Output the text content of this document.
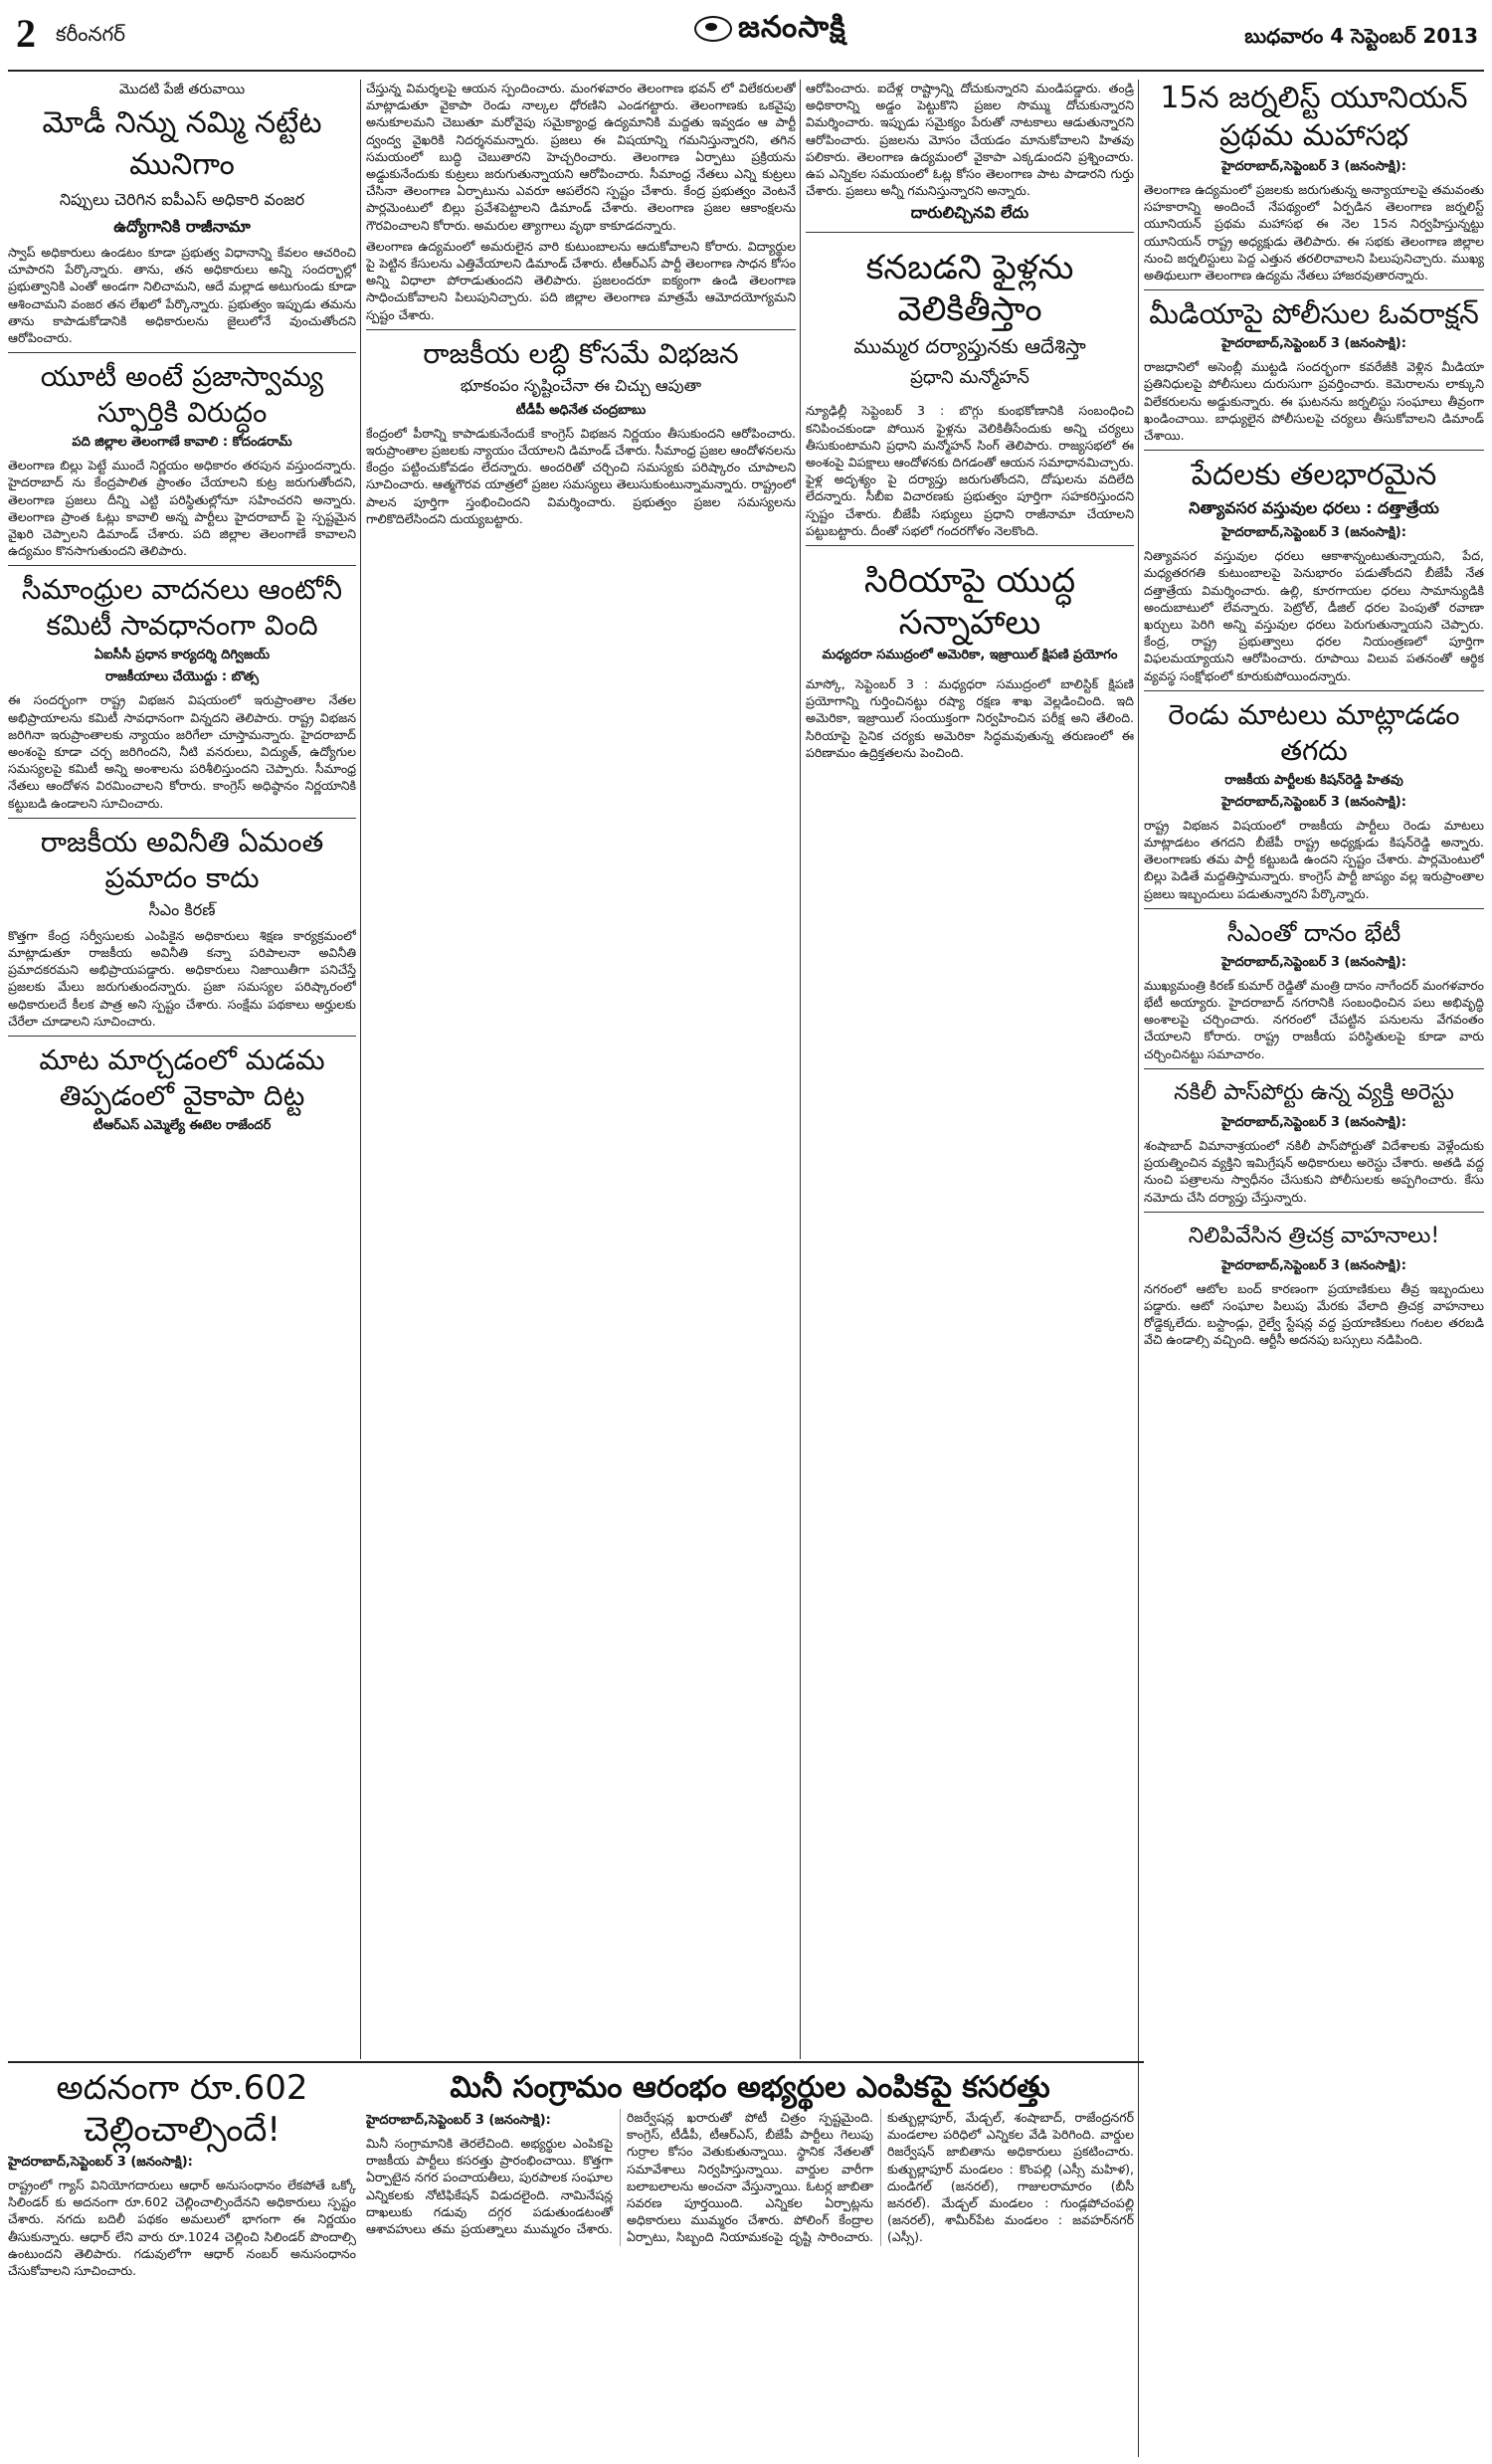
2 కరీంనగర్	జనంసాక్షి	బుధవారం 4 సెప్టెంబర్ 2013
మొదటి పేజీ తరువాయి
మోడీ నిన్ను నమ్మి నట్టేట మునిగాం
నిప్పులు చెరిగిన ఐపీఎస్ అధికారి వంజర
ఉద్యోగానికి రాజీనామా

స్వాప్ అధికారులు ఉండటం కూడా ప్రభుత్వ విధానాన్ని కేవలం ఆచరించి చూపారని పేర్కొన్నారు. తాను, తన అధికారులు అన్ని సందర్భాల్లో ప్రభుత్వానికి ఎంతో అండగా నిలిచామని, ఆదే మల్లాడ అటుగుండు కూడా ఆశించామని వంజర తన లేఖలో పేర్కొన్నారు. ప్రభుత్వం ఇప్పుడు తమను తాను కాపాడుకోడానికి అధికారులను జైలులోనే వుంచుతోందని ఆరోపించారు.

యూటీ అంటే ప్రజాస్వామ్య స్ఫూర్తికి విరుద్ధం
పది జిల్లాల తెలంగాణే కావాలి : కోదండరామ్

తెలంగాణ బిల్లు పెట్టే ముందే నిర్ణయం అధికారం తరపున వస్తుందన్నారు. హైదరాబాద్ ను కేంద్రపాలిత ప్రాంతం చేయాలని కుట్ర జరుగుతోందని, తెలంగాణ ప్రజలు దీన్ని ఎట్టి పరిస్థితుల్లోనూ సహించరని అన్నారు. తెలంగాణ ప్రాంత ఓట్లు కావాలి అన్న పార్టీలు హైదరాబాద్ పై స్పష్టమైన వైఖరి చెప్పాలని డిమాండ్ చేశారు. పది జిల్లాల తెలంగాణే కావాలని ఉద్యమం కొనసాగుతుందని తెలిపారు.

సీమాంధ్రుల వాదనలు ఆంటోనీ కమిటీ సావధానంగా వింది
ఏఐసీసీ ప్రధాన కార్యదర్శి దిగ్విజయ్
రాజకీయాలు చేయొద్దు : బొత్స

ఈ సందర్భంగా రాష్ట్ర విభజన విషయంలో ఇరుప్రాంతాల నేతల అభిప్రాయాలను కమిటీ సావధానంగా విన్నదని తెలిపారు. రాష్ట్ర విభజన జరిగినా ఇరుప్రాంతాలకు న్యాయం జరిగేలా చూస్తామన్నారు. హైదరాబాద్ అంశంపై కూడా చర్చ జరిగిందని, నీటి వనరులు, విద్యుత్, ఉద్యోగుల సమస్యలపై కమిటీ అన్ని అంశాలను పరిశీలిస్తుందని చెప్పారు. సీమాంధ్ర నేతలు ఆందోళన విరమించాలని కోరారు. కాంగ్రెస్ అధిష్ఠానం నిర్ణయానికి కట్టుబడి ఉండాలని సూచించారు.

రాజకీయ అవినీతి ఏమంత ప్రమాదం కాదు
సీఎం కిరణ్

కొత్తగా కేంద్ర సర్వీసులకు ఎంపికైన అధికారులు శిక్షణ కార్యక్రమంలో మాట్లాడుతూ రాజకీయ అవినీతి కన్నా పరిపాలనా అవినీతి ప్రమాదకరమని అభిప్రాయపడ్డారు. అధికారులు నిజాయితీగా పనిచేస్తే ప్రజలకు మేలు జరుగుతుందన్నారు. ప్రజా సమస్యల పరిష్కారంలో అధికారులదే కీలక పాత్ర అని స్పష్టం చేశారు. సంక్షేమ పథకాలు అర్హులకు చేరేలా చూడాలని సూచించారు.

మాట మార్చడంలో మడమ తిప్పడంలో వైకాపా దిట్ట
టీఆర్ఎస్ ఎమ్మెల్యే ఈటెల రాజేందర్

చేస్తున్న విమర్శలపై ఆయన స్పందించారు. మంగళవారం తెలంగాణ భవన్ లో విలేకరులతో మాట్లాడుతూ వైకాపా రెండు నాల్కల ధోరణిని ఎండగట్టారు. తెలంగాణకు ఒకవైపు అనుకూలమని చెబుతూ మరోవైపు సమైక్యాంధ్ర ఉద్యమానికి మద్దతు ఇవ్వడం ఆ పార్టీ ద్వంద్వ వైఖరికి నిదర్శనమన్నారు. ప్రజలు ఈ విషయాన్ని గమనిస్తున్నారని, తగిన సమయంలో బుద్ధి చెబుతారని హెచ్చరించారు. తెలంగాణ ఏర్పాటు ప్రక్రియను అడ్డుకునేందుకు కుట్రలు జరుగుతున్నాయని ఆరోపించారు. సీమాంధ్ర నేతలు ఎన్ని కుట్రలు చేసినా తెలంగాణ ఏర్పాటును ఎవరూ ఆపలేరని స్పష్టం చేశారు. కేంద్ర ప్రభుత్వం వెంటనే పార్లమెంటులో బిల్లు ప్రవేశపెట్టాలని డిమాండ్ చేశారు. తెలంగాణ ప్రజల ఆకాంక్షలను గౌరవించాలని కోరారు. అమరుల త్యాగాలు వృథా కాకూడదన్నారు.

తెలంగాణ ఉద్యమంలో అమరులైన వారి కుటుంబాలను ఆదుకోవాలని కోరారు. విద్యార్థుల పై పెట్టిన కేసులను ఎత్తివేయాలని డిమాండ్ చేశారు. టీఆర్ఎస్ పార్టీ తెలంగాణ సాధన కోసం అన్ని విధాలా పోరాడుతుందని తెలిపారు. ప్రజలందరూ ఐక్యంగా ఉండి తెలంగాణ సాధించుకోవాలని పిలుపునిచ్చారు. పది జిల్లాల తెలంగాణ మాత్రమే ఆమోదయోగ్యమని స్పష్టం చేశారు.

రాజకీయ లబ్ధి కోసమే విభజన
భూకంపం సృష్టించేనా ఈ చిచ్చు ఆపుతా
టీడీపీ అధినేత చంద్రబాబు

కేంద్రంలో పీఠాన్ని కాపాడుకునేందుకే కాంగ్రెస్ విభజన నిర్ణయం తీసుకుందని ఆరోపించారు. ఇరుప్రాంతాల ప్రజలకు న్యాయం చేయాలని డిమాండ్ చేశారు. సీమాంధ్ర ప్రజల ఆందోళనలను కేంద్రం పట్టించుకోవడం లేదన్నారు. అందరితో చర్చించి సమస్యకు పరిష్కారం చూపాలని సూచించారు. ఆత్మగౌరవ యాత్రలో ప్రజల సమస్యలు తెలుసుకుంటున్నామన్నారు. రాష్ట్రంలో పాలన పూర్తిగా స్తంభించిందని విమర్శించారు. ప్రభుత్వం ప్రజల సమస్యలను గాలికొదిలేసిందని దుయ్యబట్టారు.

ఆరోపించారు. ఐదేళ్ల రాష్ట్రాన్ని దోచుకున్నారని మండిపడ్డారు. తండ్రి అధికారాన్ని అడ్డం పెట్టుకొని ప్రజల సొమ్ము దోచుకున్నారని విమర్శించారు. ఇప్పుడు సమైక్యం పేరుతో నాటకాలు ఆడుతున్నారని ఆరోపించారు. ప్రజలను మోసం చేయడం మానుకోవాలని హితవు పలికారు. తెలంగాణ ఉద్యమంలో వైకాపా ఎక్కడుందని ప్రశ్నించారు. ఉప ఎన్నికల సమయంలో ఓట్ల కోసం తెలంగాణ పాట పాడారని గుర్తు చేశారు. ప్రజలు అన్నీ గమనిస్తున్నారని అన్నారు.

దారులిచ్చినవి లేదు
కనబడని ఫైళ్లను వెలికితీస్తాం
ముమ్మర దర్యాప్తునకు ఆదేశిస్తా
ప్రధాని మన్మోహన్

న్యూఢిల్లీ సెప్టెంబర్ 3 : బొగ్గు కుంభకోణానికి సంబంధించి కనిపించకుండా పోయిన ఫైళ్లను వెలికితీసేందుకు అన్ని చర్యలు తీసుకుంటామని ప్రధాని మన్మోహన్ సింగ్ తెలిపారు. రాజ్యసభలో ఈ అంశంపై విపక్షాలు ఆందోళనకు దిగడంతో ఆయన సమాధానమిచ్చారు. ఫైళ్ల అదృశ్యం పై దర్యాప్తు జరుగుతోందని, దోషులను వదిలేది లేదన్నారు. సీబీఐ విచారణకు ప్రభుత్వం పూర్తిగా సహకరిస్తుందని స్పష్టం చేశారు. బీజేపీ సభ్యులు ప్రధాని రాజీనామా చేయాలని పట్టుబట్టారు. దీంతో సభలో గందరగోళం నెలకొంది.

సిరియాపై యుద్ధ సన్నాహాలు
మధ్యదరా సముద్రంలో అమెరికా, ఇజ్రాయిల్ క్షిపణి ప్రయోగం

మాస్కో, సెప్టెంబర్ 3 : మధ్యధరా సముద్రంలో బాలిస్టిక్ క్షిపణి ప్రయోగాన్ని గుర్తించినట్టు రష్యా రక్షణ శాఖ వెల్లడించింది. ఇది అమెరికా, ఇజ్రాయిల్ సంయుక్తంగా నిర్వహించిన పరీక్ష అని తేలింది. సిరియాపై సైనిక చర్యకు అమెరికా సిద్ధమవుతున్న తరుణంలో ఈ పరిణామం ఉద్రిక్తతలను పెంచింది.

15న జర్నలిస్ట్ యూనియన్ ప్రథమ మహాసభ
హైదరాబాద్,సెప్టెంబర్ 3 (జనంసాక్షి):

తెలంగాణ ఉద్యమంలో ప్రజలకు జరుగుతున్న అన్యాయాలపై తమవంతు సహకారాన్ని అందించే నేపథ్యంలో ఏర్పడిన తెలంగాణ జర్నలిస్ట్ యూనియన్ ప్రథమ మహాసభ ఈ నెల 15న నిర్వహిస్తున్నట్టు యూనియన్ రాష్ట్ర అధ్యక్షుడు తెలిపారు. ఈ సభకు తెలంగాణ జిల్లాల నుంచి జర్నలిస్టులు పెద్ద ఎత్తున తరలిరావాలని పిలుపునిచ్చారు. ముఖ్య అతిథులుగా తెలంగాణ ఉద్యమ నేతలు హాజరవుతారన్నారు.

మీడియాపై పోలీసుల ఓవరాక్షన్
హైదరాబాద్,సెప్టెంబర్ 3 (జనంసాక్షి):

రాజధానిలో అసెంబ్లీ ముట్టడి సందర్భంగా కవరేజీకి వెళ్లిన మీడియా ప్రతినిధులపై పోలీసులు దురుసుగా ప్రవర్తించారు. కెమెరాలను లాక్కుని విలేకరులను అడ్డుకున్నారు. ఈ ఘటనను జర్నలిస్టు సంఘాలు తీవ్రంగా ఖండించాయి. బాధ్యులైన పోలీసులపై చర్యలు తీసుకోవాలని డిమాండ్ చేశాయి.

పేదలకు తలభారమైన
నిత్యావసర వస్తువుల ధరలు : దత్తాత్రేయ
హైదరాబాద్,సెప్టెంబర్ 3 (జనంసాక్షి):

నిత్యావసర వస్తువుల ధరలు ఆకాశాన్నంటుతున్నాయని, పేద, మధ్యతరగతి కుటుంబాలపై పెనుభారం పడుతోందని బీజేపీ నేత దత్తాత్రేయ విమర్శించారు. ఉల్లి, కూరగాయల ధరలు సామాన్యుడికి అందుబాటులో లేవన్నారు. పెట్రోల్, డీజిల్ ధరల పెంపుతో రవాణా ఖర్చులు పెరిగి అన్ని వస్తువుల ధరలు పెరుగుతున్నాయని చెప్పారు. కేంద్ర, రాష్ట్ర ప్రభుత్వాలు ధరల నియంత్రణలో పూర్తిగా విఫలమయ్యాయని ఆరోపించారు. రూపాయి విలువ పతనంతో ఆర్థిక వ్యవస్థ సంక్షోభంలో కూరుకుపోయిందన్నారు.

రెండు మాటలు మాట్లాడడం తగదు
రాజకీయ పార్టీలకు కిషన్‌రెడ్డి హితవు
హైదరాబాద్,సెప్టెంబర్ 3 (జనంసాక్షి):

రాష్ట్ర విభజన విషయంలో రాజకీయ పార్టీలు రెండు మాటలు మాట్లాడటం తగదని బీజేపీ రాష్ట్ర అధ్యక్షుడు కిషన్‌రెడ్డి అన్నారు. తెలంగాణకు తమ పార్టీ కట్టుబడి ఉందని స్పష్టం చేశారు. పార్లమెంటులో బిల్లు పెడితే మద్దతిస్తామన్నారు. కాంగ్రెస్ పార్టీ జాప్యం వల్ల ఇరుప్రాంతాల ప్రజలు ఇబ్బందులు పడుతున్నారని పేర్కొన్నారు.

సీఎంతో దానం భేటీ
హైదరాబాద్,సెప్టెంబర్ 3 (జనంసాక్షి):

ముఖ్యమంత్రి కిరణ్ కుమార్ రెడ్డితో మంత్రి దానం నాగేందర్ మంగళవారం భేటీ అయ్యారు. హైదరాబాద్ నగరానికి సంబంధించిన పలు అభివృద్ధి అంశాలపై చర్చించారు. నగరంలో చేపట్టిన పనులను వేగవంతం చేయాలని కోరారు. రాష్ట్ర రాజకీయ పరిస్థితులపై కూడా వారు చర్చించినట్టు సమాచారం.

నకిలీ పాస్‌పోర్టు ఉన్న వ్యక్తి అరెస్టు
హైదరాబాద్,సెప్టెంబర్ 3 (జనంసాక్షి):

శంషాబాద్ విమానాశ్రయంలో నకిలీ పాస్‌పోర్టుతో విదేశాలకు వెళ్లేందుకు ప్రయత్నించిన వ్యక్తిని ఇమిగ్రేషన్ అధికారులు అరెస్టు చేశారు. అతడి వద్ద నుంచి పత్రాలను స్వాధీనం చేసుకుని పోలీసులకు అప్పగించారు. కేసు నమోదు చేసి దర్యాప్తు చేస్తున్నారు.

నిలిపివేసిన త్రిచక్ర వాహనాలు!
హైదరాబాద్,సెప్టెంబర్ 3 (జనంసాక్షి):

నగరంలో ఆటోల బంద్ కారణంగా ప్రయాణికులు తీవ్ర ఇబ్బందులు పడ్డారు. ఆటో సంఘాల పిలుపు మేరకు వేలాది త్రిచక్ర వాహనాలు రోడ్డెక్కలేదు. బస్టాండ్లు, రైల్వే స్టేషన్ల వద్ద ప్రయాణికులు గంటల తరబడి వేచి ఉండాల్సి వచ్చింది. ఆర్టీసీ అదనపు బస్సులు నడిపింది.

అదనంగా రూ.602 చెల్లించాల్సిందే!
హైదరాబాద్,సెప్టెంబర్ 3 (జనంసాక్షి):

రాష్ట్రంలో గ్యాస్ వినియోగదారులు ఆధార్ అనుసంధానం లేకపోతే ఒక్కో సిలిండర్ కు అదనంగా రూ.602 చెల్లించాల్సిందేనని అధికారులు స్పష్టం చేశారు. నగదు బదిలీ పథకం అమలులో భాగంగా ఈ నిర్ణయం తీసుకున్నారు. ఆధార్ లేని వారు రూ.1024 చెల్లించి సిలిండర్ పొందాల్సి ఉంటుందని తెలిపారు. గడువులోగా ఆధార్ నంబర్ అనుసంధానం చేసుకోవాలని సూచించారు.

మినీ సంగ్రామం ఆరంభం అభ్యర్థుల ఎంపికపై కసరత్తు
హైదరాబాద్,సెప్టెంబర్ 3 (జనంసాక్షి):

మినీ సంగ్రామానికి తెరలేచింది. అభ్యర్థుల ఎంపికపై రాజకీయ పార్టీలు కసరత్తు ప్రారంభించాయి. కొత్తగా ఏర్పాటైన నగర పంచాయతీలు, పురపాలక సంఘాల ఎన్నికలకు నోటిఫికేషన్ విడుదలైంది. నామినేషన్ల దాఖలుకు గడువు దగ్గర పడుతుండటంతో ఆశావహులు తమ ప్రయత్నాలు ముమ్మరం చేశారు. రిజర్వేషన్ల ఖరారుతో పోటీ చిత్రం స్పష్టమైంది. కాంగ్రెస్, టీడీపీ, టీఆర్ఎస్, బీజేపీ పార్టీలు గెలుపు గుర్రాల కోసం వెతుకుతున్నాయి. స్థానిక నేతలతో సమావేశాలు నిర్వహిస్తున్నాయి. వార్డుల వారీగా బలాబలాలను అంచనా వేస్తున్నాయి. ఓటర్ల జాబితా సవరణ పూర్తయింది. ఎన్నికల ఏర్పాట్లను అధికారులు ముమ్మరం చేశారు. పోలింగ్ కేంద్రాల ఏర్పాటు, సిబ్బంది నియామకంపై దృష్టి సారించారు. కుత్బుల్లాపూర్, మేడ్చల్, శంషాబాద్, రాజేంద్రనగర్ మండలాల పరిధిలో ఎన్నికల వేడి పెరిగింది. వార్డుల రిజర్వేషన్ జాబితాను అధికారులు ప్రకటించారు. కుత్బుల్లాపూర్ మండలం : కొంపల్లి (ఎస్సీ మహిళ), దుండిగల్ (జనరల్), గాజులరామారం (బీసీ జనరల్). మేడ్చల్ మండలం : గుండ్లపోచంపల్లి (జనరల్), శామీర్‌పేట మండలం : జవహర్‌నగర్ (ఎస్సీ).
